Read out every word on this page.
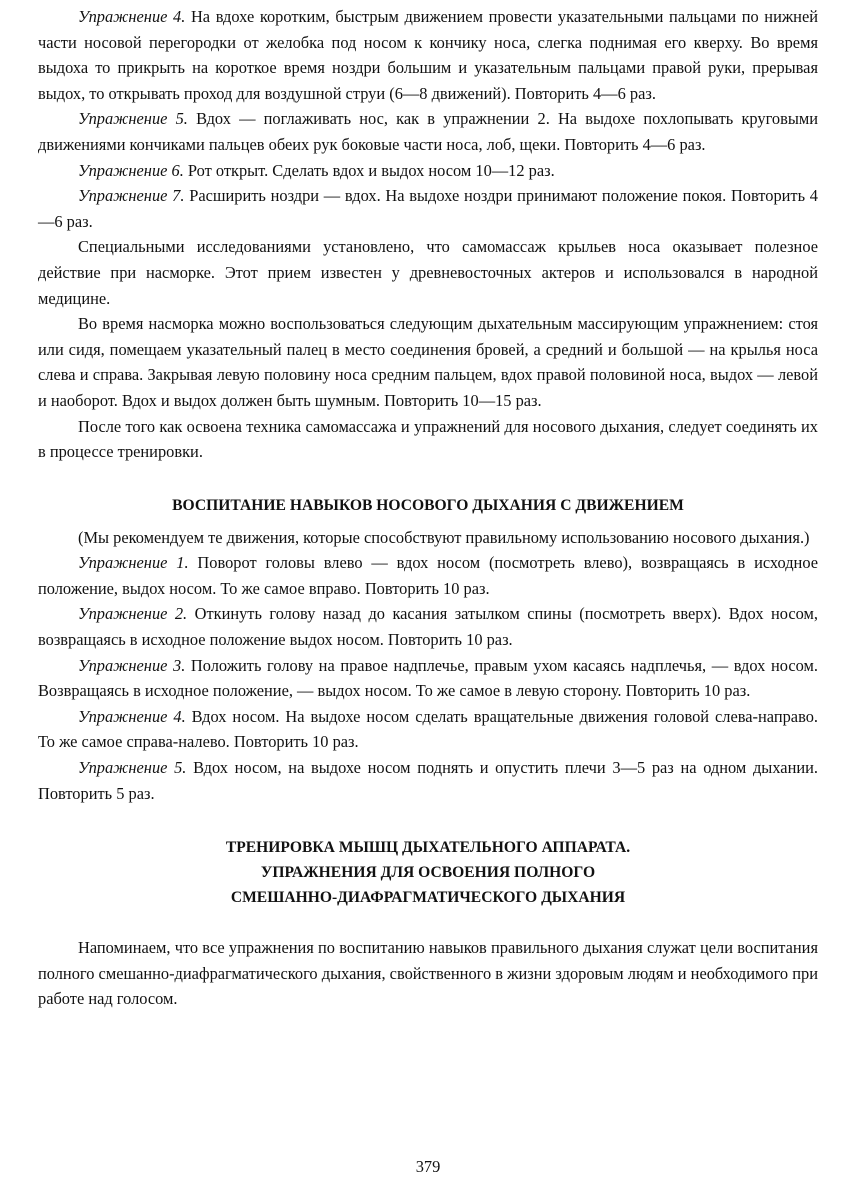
Упражнение 4. На вдохе коротким, быстрым движением провести указательными пальцами по нижней части носовой перегородки от желобка под носом к кончику носа, слегка поднимая его кверху. Во время выдоха то прикрыть на короткое время ноздри большим и указательным пальцами правой руки, прерывая выдох, то открывать проход для воздушной струи (6—8 движений). Повторить 4—6 раз.

Упражнение 5. Вдох — поглаживать нос, как в упражнении 2. На выдохе похлопывать круговыми движениями кончиками пальцев обеих рук боковые части носа, лоб, щеки. Повторить 4—6 раз.

Упражнение 6. Рот открыт. Сделать вдох и выдох носом 10—12 раз.

Упражнение 7. Расширить ноздри — вдох. На выдохе ноздри принимают положение покоя. Повторить 4—6 раз.

Специальными исследованиями установлено, что самомассаж крыльев носа оказывает полезное действие при насморке. Этот прием известен у древневосточных актеров и использовался в народной медицине.

Во время насморка можно воспользоваться следующим дыхательным массирующим упражнением: стоя или сидя, помещаем указательный палец в место соединения бровей, а средний и большой — на крылья носа слева и справа. Закрывая левую половину носа средним пальцем, вдох правой половиной носа, выдох — левой и наоборот. Вдох и выдох должен быть шумным. Повторить 10—15 раз.

После того как освоена техника самомассажа и упражнений для носового дыхания, следует соединять их в процессе тренировки.

ВОСПИТАНИЕ НАВЫКОВ НОСОВОГО ДЫХАНИЯ С ДВИЖЕНИЕМ

(Мы рекомендуем те движения, которые способствуют правильному использованию носового дыхания.)

Упражнение 1. Поворот головы влево — вдох носом (посмотреть влево), возвращаясь в исходное положение, выдох носом. То же самое вправо. Повторить 10 раз.

Упражнение 2. Откинуть голову назад до касания затылком спины (посмотреть вверх). Вдох носом, возвращаясь в исходное положение выдох носом. Повторить 10 раз.

Упражнение 3. Положить голову на правое надплечье, правым ухом касаясь надплечья, — вдох носом. Возвращаясь в исходное положение, — выдох носом. То же самое в левую сторону. Повторить 10 раз.

Упражнение 4. Вдох носом. На выдохе носом сделать вращательные движения головой слева-направо. То же самое справа-налево. Повторить 10 раз.

Упражнение 5. Вдох носом, на выдохе носом поднять и опустить плечи 3—5 раз на одном дыхании. Повторить 5 раз.

ТРЕНИРОВКА МЫШЦ ДЫХАТЕЛЬНОГО АППАРАТА.
УПРАЖНЕНИЯ ДЛЯ ОСВОЕНИЯ ПОЛНОГО
СМЕШАННО-ДИАФРАГМАТИЧЕСКОГО ДЫХАНИЯ

Напоминаем, что все упражнения по воспитанию навыков правильного дыхания служат цели воспитания полного смешанно-диафрагматического дыхания, свойственного в жизни здоровым людям и необходимого при работе над голосом.

379
